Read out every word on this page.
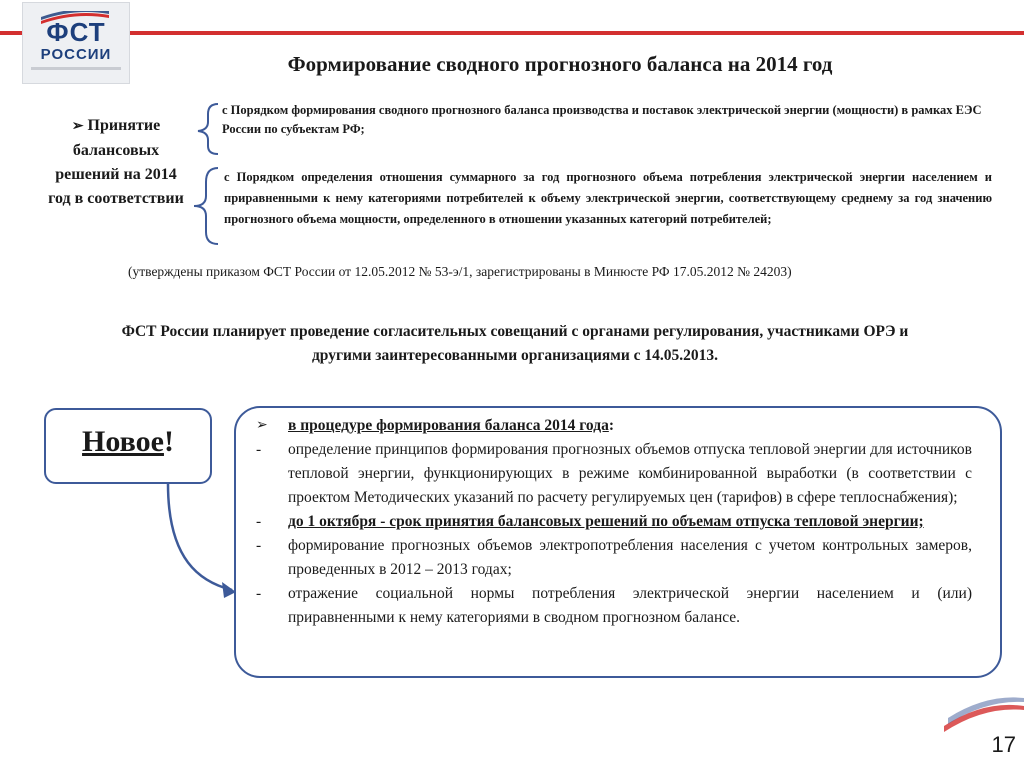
ФСТ
РОССИИ	Формирование сводного прогнозного баланса на 2014 год
➢ Принятие балансовых решений на 2014 год в соответствии
с Порядком формирования сводного прогнозного баланса производства и поставок электрической энергии (мощности) в рамках ЕЭС России по субъектам РФ;
с Порядком определения отношения суммарного за год прогнозного объема потребления электрической энергии населением и приравненными к нему категориями потребителей к объему электрической энергии, соответствующему среднему за год значению прогнозного объема мощности, определенного в отношении указанных категорий потребителей;
(утверждены приказом ФСТ России от 12.05.2012 № 53-э/1, зарегистрированы в Минюсте РФ 17.05.2012 № 24203)
ФСТ России планирует проведение согласительных совещаний с органами регулирования, участниками ОРЭ и другими заинтересованными организациями с 14.05.2013.
Новое!	➢	в процедуре формирования баланса 2014 года:
-	определение принципов формирования прогнозных объемов отпуска тепловой энергии для источников тепловой энергии, функционирующих в режиме комбинированной выработки (в соответствии с проектом Методических указаний по расчету регулируемых цен (тарифов) в сфере теплоснабжения);
-	до 1 октября - срок принятия балансовых решений по объемам отпуска тепловой энергии;
-	формирование прогнозных объемов электропотребления населения с учетом контрольных замеров, проведенных в 2012 – 2013 годах;
-	отражение социальной нормы потребления электрической энергии населением и (или) приравненными к нему категориями в сводном прогнозном балансе.
17
